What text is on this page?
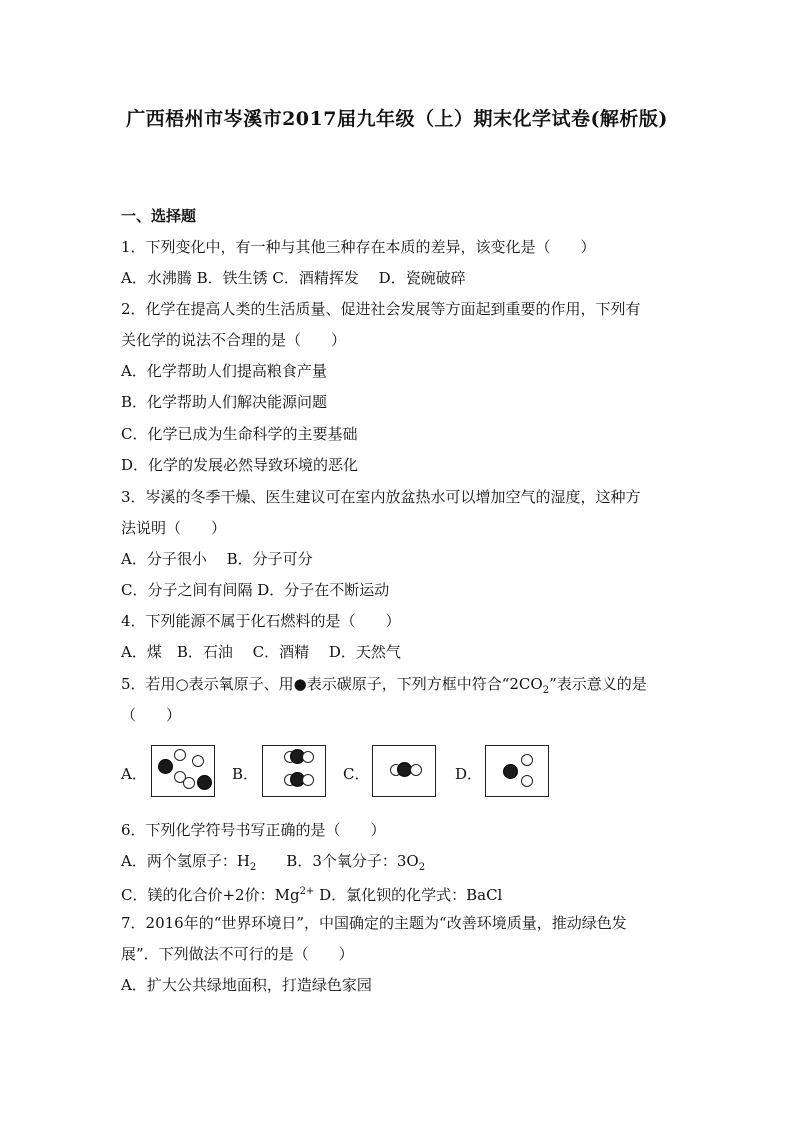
广西梧州市岑溪市2017届九年级（上）期末化学试卷(解析版)
一、选择题
1．下列变化中，有一种与其他三种存在本质的差异，该变化是（　　）
A．水沸腾 B．铁生锈 C．酒精挥发　 D．瓷碗破碎
2．化学在提高人类的生活质量、促进社会发展等方面起到重要的作用，下列有
关化学的说法不合理的是（　　）
A．化学帮助人们提高粮食产量
B．化学帮助人们解决能源问题
C．化学已成为生命科学的主要基础
D．化学的发展必然导致环境的恶化
3．岑溪的冬季干燥、医生建议可在室内放盆热水可以增加空气的湿度，这种方
法说明（　　）
A．分子很小　 B．分子可分
C．分子之间有间隔 D．分子在不断运动
4．下列能源不属于化石燃料的是（　　）
A．煤　B．石油　 C．酒精　 D．天然气
5．若用○表示氧原子、用●表示碳原子，下列方框中符合“$2CO_2$”表示意义的是
（　　）
A．	B．	C．	D．
6．下列化学符号书写正确的是（　　）
A．两个氢原子：$H_2$　　B．3个氧分子：$3O_2$
C．镁的化合价+2价：$Mg^{2+}$ D．氯化钡的化学式：BaCl
7．2016年的“世界环境日”，中国确定的主题为“改善环境质量，推动绿色发
展”．下列做法不可行的是（　　）
A．扩大公共绿地面积，打造绿色家园
